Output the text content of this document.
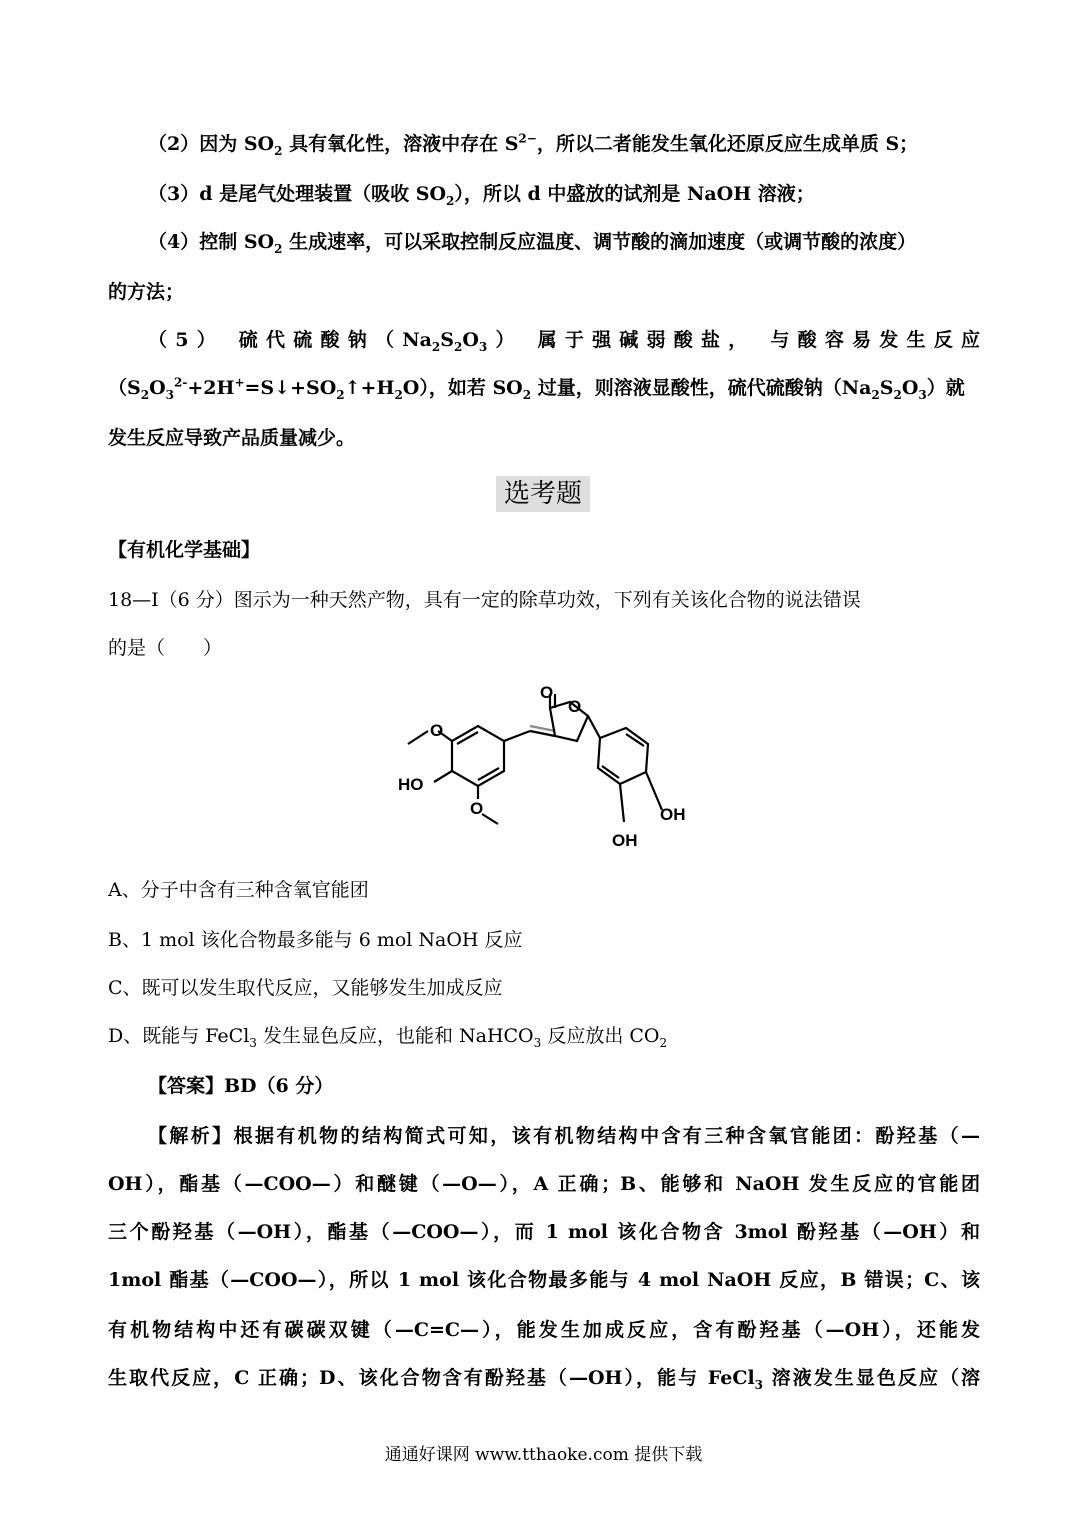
（2）因为 $SO_2$ 具有氧化性，溶液中存在 $S^{2-}$，所以二者能发生氧化还原反应生成单质 S；
（3）d 是尾气处理装置（吸收 $SO_2$），所以 d 中盛放的试剂是 NaOH 溶液；
（4）控制 $SO_2$ 生成速率，可以采取控制反应温度、调节酸的滴加速度（或调节酸的浓度）
的方法；
（5） 硫代硫酸钠$(Na_2S_2O_3)$ 属于强碱弱酸盐， 与酸容易发生反应
$(S_2O_3^{2-}+2H^+=S↓+SO_2↑+H_2O)$，如若 $SO_2$ 过量，则溶液显酸性，硫代硫酸钠$(Na_2S_2O_3)$就
发生反应导致产品质量减少。
选考题
【有机化学基础】
18—Ⅰ（6 分）图示为一种天然产物，具有一定的除草功效，下列有关该化合物的说法错误
的是（　　）
O
O
HO
OH
OH
O
O
A、分子中含有三种含氧官能团
B、1 mol 该化合物最多能与 6 mol NaOH 反应
C、既可以发生取代反应，又能够发生加成反应
D、既能与 FeCl$_3$ 发生显色反应，也能和 NaHCO$_3$ 反应放出 $CO_2$
【答案】BD（6 分）
【解析】根据有机物的结构简式可知，该有机物结构中含有三种含氧官能团：酚羟基（—
OH），酯基（—COO—）和醚键（—O—），A 正确；B、能够和 NaOH 发生反应的官能团
三个酚羟基（—OH），酯基（—COO—），而 1 mol 该化合物含 3mol 酚羟基（—OH）和
1mol 酯基（—COO—），所以 1 mol 该化合物最多能与 4 mol NaOH 反应，B 错误；C、该
有机物结构中还有碳碳双键（—C=C—），能发生加成反应，含有酚羟基（—OH），还能发
生取代反应，C 正确；D、该化合物含有酚羟基（—OH），能与 FeCl$_3$ 溶液发生显色反应（溶
通通好课网 www.tthaoke.com 提供下载
